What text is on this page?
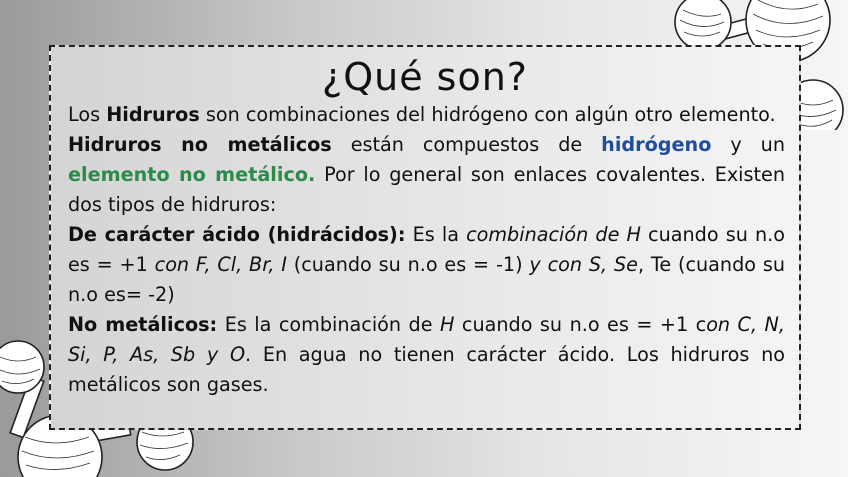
¿Qué son?

Los Hidruros son combinaciones del hidrógeno con algún otro elemento.

Hidruros no metálicos están compuestos de hidrógeno y un elemento no metálico. Por lo general son enlaces covalentes. Existen dos tipos de hidruros:

De carácter ácido (hidrácidos): Es la combinación de H cuando su n.o es = +1 con F, Cl, Br, I (cuando su n.o es = -1) y con S, Se, Te (cuando su n.o es= -2)

No metálicos: Es la combinación de H cuando su n.o es = +1 con C, N, Si, P, As, Sb y O. En agua no tienen carácter ácido. Los hidruros no metálicos son gases.
